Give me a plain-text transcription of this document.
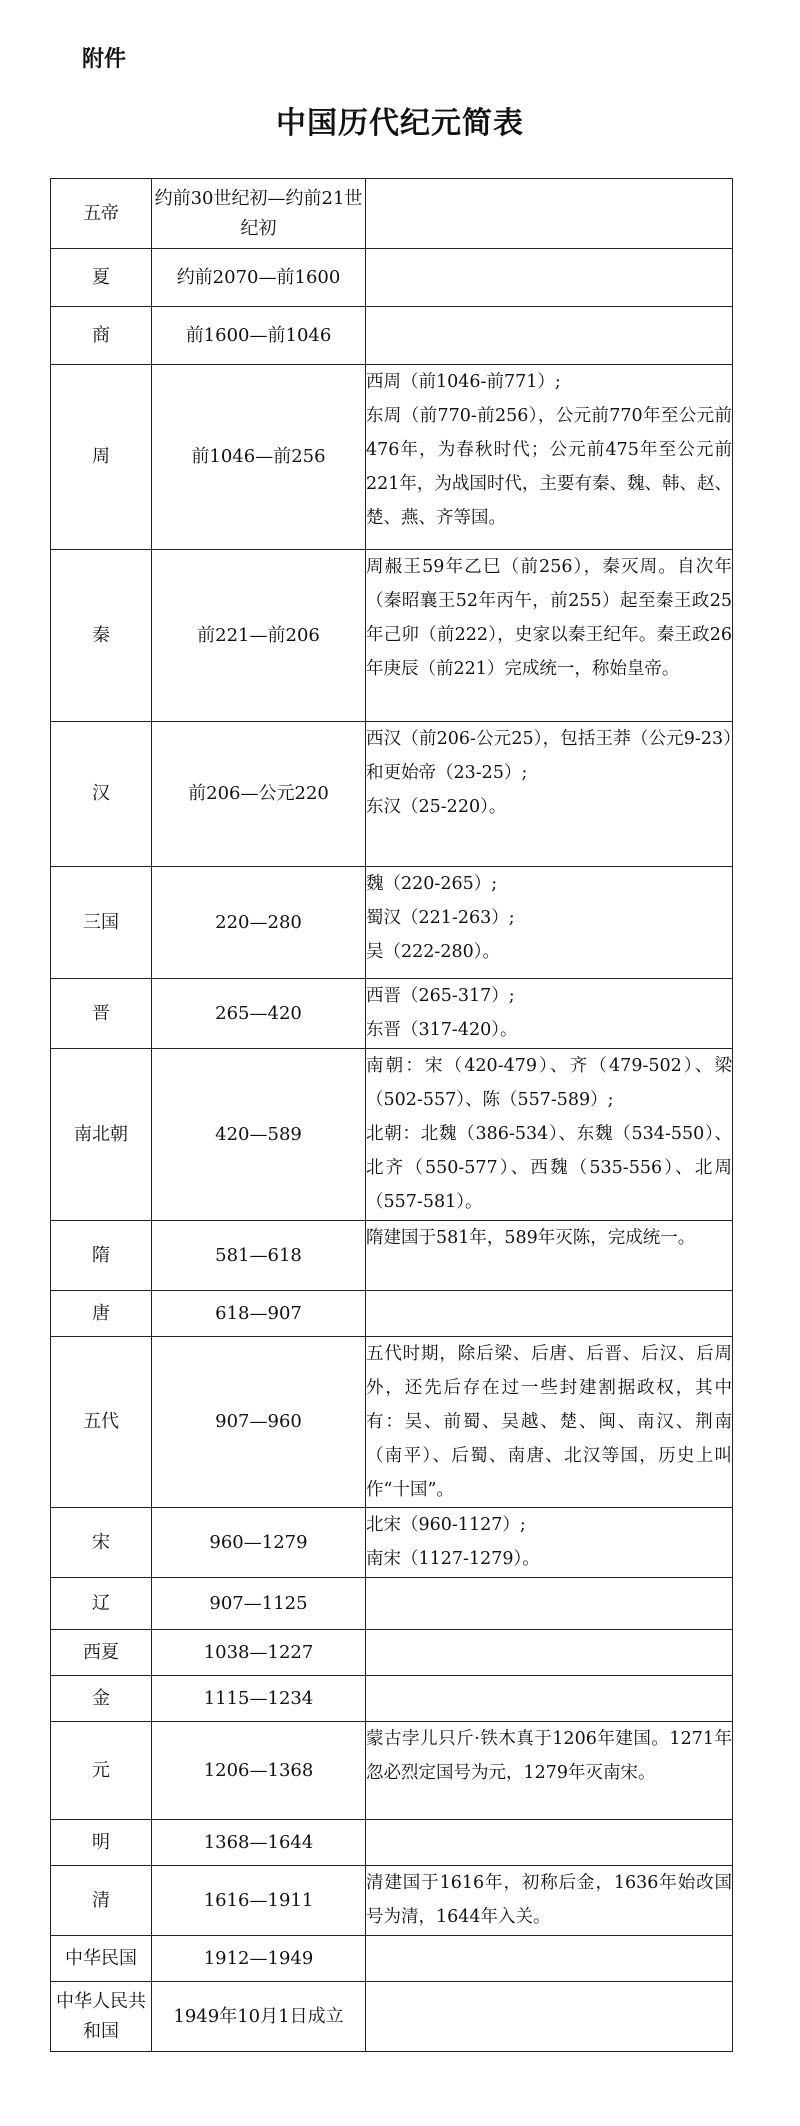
附件
中国历代纪元简表
五帝	约前30世纪初—约前21世纪初	
夏	约前2070—前1600	
商	前1600—前1046	
周	前1046—前256	西周（前1046-前771）;
东周（前770-前256），公元前770年至公元前476年，为春秋时代；公元前475年至公元前221年，为战国时代，主要有秦、魏、韩、赵、楚、燕、齐等国。

秦	前221—前206	周赧王59年乙巳（前256），秦灭周。自次年（秦昭襄王52年丙午，前255）起至秦王政25年己卯（前222），史家以秦王纪年。秦王政26年庚辰（前221）完成统一，称始皇帝。

汉	前206—公元220	西汉（前206-公元25），包括王莽（公元9-23）和更始帝（23-25）;
东汉（25-220）。

三国	220—280	魏（220-265）;
蜀汉（221-263）;
吴（222-280）。

晋	265—420	西晋（265-317）;
东晋（317-420）。

南北朝	420—589	南朝：宋（420-479）、齐（479-502）、梁（502-557）、陈（557-589）;
北朝：北魏（386-534）、东魏（534-550）、北齐（550-577）、西魏（535-556）、北周（557-581）。

隋	581—618	隋建国于581年，589年灭陈，完成统一。

唐	618—907	
五代	907—960	五代时期，除后梁、后唐、后晋、后汉、后周外，还先后存在过一些封建割据政权，其中有：吴、前蜀、吴越、楚、闽、南汉、荆南（南平）、后蜀、南唐、北汉等国，历史上叫作“十国”。

宋	960—1279	北宋（960-1127）;
南宋（1127-1279）。

辽	907—1125	
西夏	1038—1227	
金	1115—1234	
元	1206—1368	蒙古孛儿只斤·铁木真于1206年建国。1271年忽必烈定国号为元，1279年灭南宋。

明	1368—1644	
清	1616—1911	清建国于1616年，初称后金，1636年始改国号为清，1644年入关。

中华民国	1912—1949	
中华人民共和国	1949年10月1日成立	
